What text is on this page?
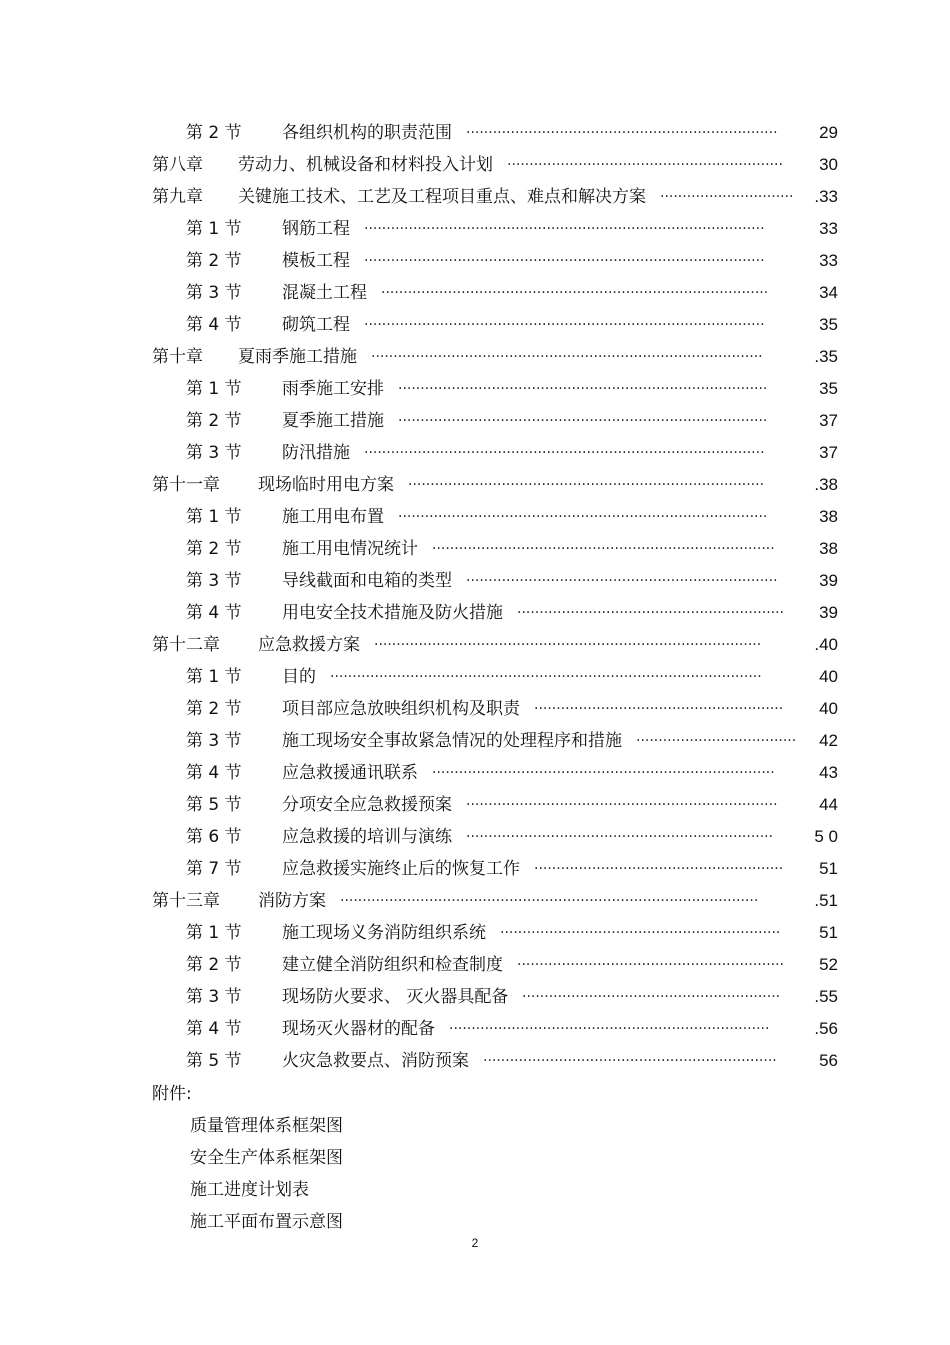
第 2 节 各组织机构的职责范围 ······································································	29
第八章 劳动力、机械设备和材料投入计划 ······························································	30
第九章 关键施工技术、工艺及工程项目重点、难点和解决方案 ······························ .33
第 1 节 钢筋工程 ··························································································	33
第 2 节 模板工程 ··························································································	33
第 3 节 混凝土工程 ·······················································································	34
第 4 节 砌筑工程 ··························································································	35
第十章 夏雨季施工措施 ························································································	.35
第 1 节 雨季施工安排 ···················································································	35
第 2 节 夏季施工措施 ···················································································	37
第 3 节 防汛措施 ··························································································	37
第十一章 现场临时用电方案 ················································································	.38
第 1 节 施工用电布置 ···················································································	38
第 2 节 施工用电情况统计 ·············································································	38
第 3 节 导线截面和电箱的类型 ······································································	39
第 4 节 用电安全技术措施及防火措施 ····························································	39
第十二章 应急救援方案 ·······················································································	.40
第 1 节 目的 ·································································································	40
第 2 节 项目部应急放映组织机构及职责 ························································	40
第 3 节 施工现场安全事故紧急情况的处理程序和措施 ····································	42
第 4 节 应急救援通讯联系 ·············································································	43
第 5 节 分项安全应急救援预案 ······································································	44
第 6 节 应急救援的培训与演练 ·····································································	5 0
第 7 节 应急救援实施终止后的恢复工作 ························································	51
第十三章 消防方案 ······························································································	.51
第 1 节 施工现场义务消防组织系统 ·······························································	51
第 2 节 建立健全消防组织和检查制度 ····························································	52
第 3 节 现场防火要求、 灭火器具配备 ··························································	.55
第 4 节 现场灭火器材的配备 ········································································	.56
第 5 节 火灾急救要点、消防预案 ··································································	56
附件:
质量管理体系框架图
安全生产体系框架图
施工进度计划表
施工平面布置示意图
2
